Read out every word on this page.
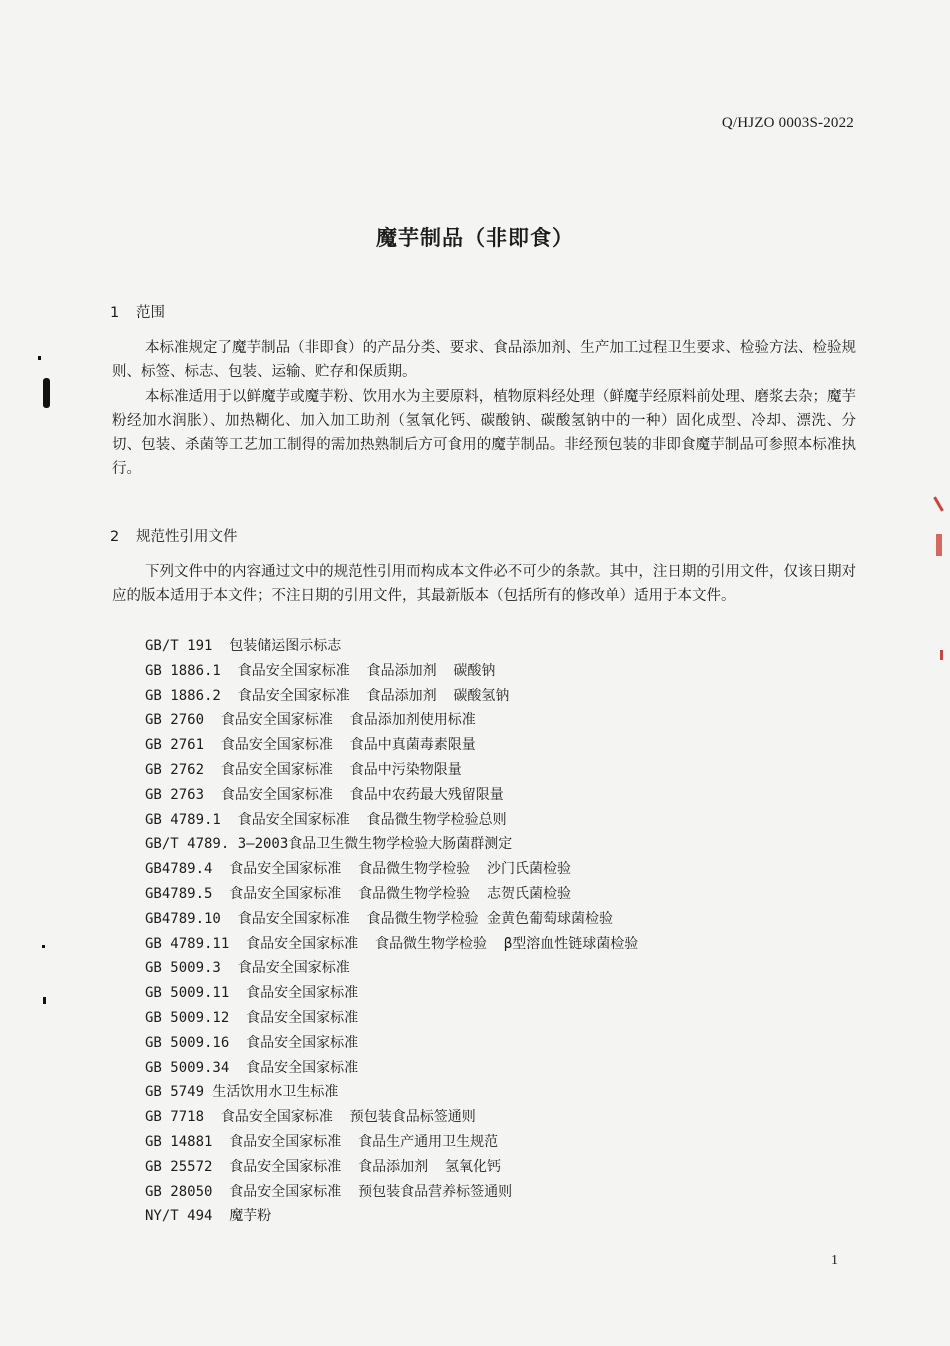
Q/HJZO 0003S-2022
魔芋制品（非即食）
1 范围

本标准规定了魔芋制品（非即食）的产品分类、要求、食品添加剂、生产加工过程卫生要求、检验方法、检验规则、标签、标志、包装、运输、贮存和保质期。

本标准适用于以鲜魔芋或魔芋粉、饮用水为主要原料，植物原料经处理（鲜魔芋经原料前处理、磨浆去杂；魔芋粉经加水润胀）、加热糊化、加入加工助剂（氢氧化钙、碳酸钠、碳酸氢钠中的一种）固化成型、冷却、漂洗、分切、包装、杀菌等工艺加工制得的需加热熟制后方可食用的魔芋制品。非经预包装的非即食魔芋制品可参照本标准执行。

2 规范性引用文件

下列文件中的内容通过文中的规范性引用而构成本文件必不可少的条款。其中，注日期的引用文件，仅该日期对应的版本适用于本文件；不注日期的引用文件，其最新版本（包括所有的修改单）适用于本文件。

GB/T 191  包装储运图示标志
GB 1886.1  食品安全国家标准  食品添加剂  碳酸钠
GB 1886.2  食品安全国家标准  食品添加剂  碳酸氢钠
GB 2760  食品安全国家标准  食品添加剂使用标准
GB 2761  食品安全国家标准  食品中真菌毒素限量
GB 2762  食品安全国家标准  食品中污染物限量
GB 2763  食品安全国家标准  食品中农药最大残留限量
GB 4789.1  食品安全国家标准  食品微生物学检验总则
GB/T 4789. 3—2003食品卫生微生物学检验大肠菌群测定
GB4789.4  食品安全国家标准  食品微生物学检验  沙门氏菌检验
GB4789.5  食品安全国家标准  食品微生物学检验  志贺氏菌检验
GB4789.10  食品安全国家标准  食品微生物学检验 金黄色葡萄球菌检验
GB 4789.11  食品安全国家标准  食品微生物学检验  β型溶血性链球菌检验
GB 5009.3  食品安全国家标准
GB 5009.11  食品安全国家标准
GB 5009.12  食品安全国家标准
GB 5009.16  食品安全国家标准
GB 5009.34  食品安全国家标准
GB 5749 生活饮用水卫生标准
GB 7718  食品安全国家标准  预包装食品标签通则
GB 14881  食品安全国家标准  食品生产通用卫生规范
GB 25572  食品安全国家标准  食品添加剂  氢氧化钙
GB 28050  食品安全国家标准  预包装食品营养标签通则
NY/T 494  魔芋粉
1
